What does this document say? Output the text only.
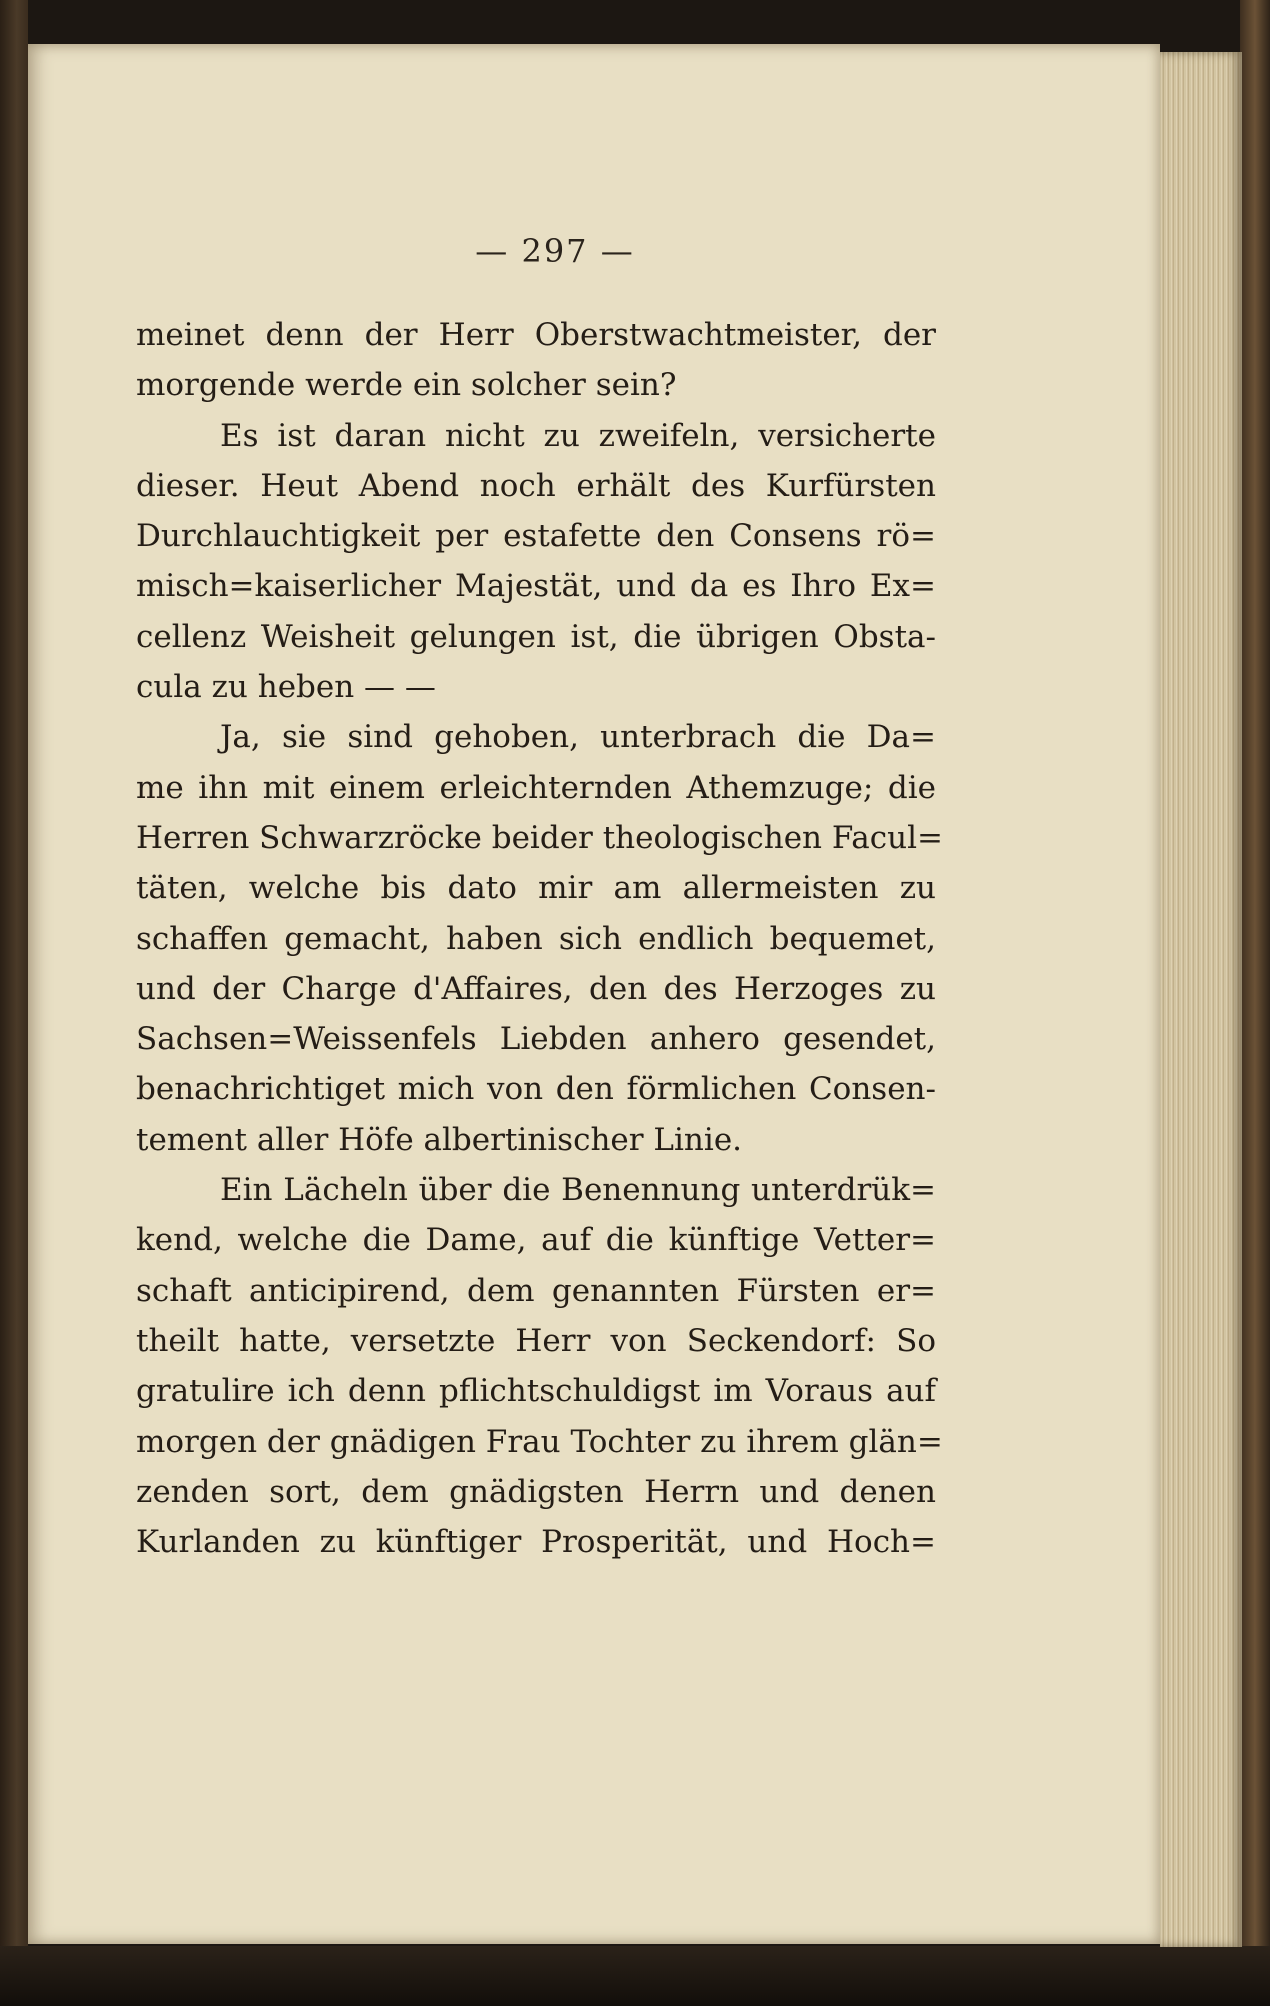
— 297 —
meinet denn der Herr Oberstwachtmeister, der
morgende werde ein solcher sein?
Es ist daran nicht zu zweifeln, versicherte
dieser. Heut Abend noch erhält des Kurfürsten
Durchlauchtigkeit per estafette den Consens rö=
misch=kaiserlicher Majestät, und da es Ihro Ex=
cellenz Weisheit gelungen ist, die übrigen Obsta-
cula zu heben — —
Ja, sie sind gehoben, unterbrach die Da=
me ihn mit einem erleichternden Athemzuge; die
Herren Schwarzröcke beider theologischen Facul=
täten, welche bis dato mir am allermeisten zu
schaffen gemacht, haben sich endlich bequemet,
und der Charge d'Affaires, den des Herzoges zu
Sachsen=Weissenfels Liebden anhero gesendet,
benachrichtiget mich von den förmlichen Consen-
tement aller Höfe albertinischer Linie.
Ein Lächeln über die Benennung unterdrük=
kend, welche die Dame, auf die künftige Vetter=
schaft anticipirend, dem genannten Fürsten er=
theilt hatte, versetzte Herr von Seckendorf: So
gratulire ich denn pflichtschuldigst im Voraus auf
morgen der gnädigen Frau Tochter zu ihrem glän=
zenden sort, dem gnädigsten Herrn und denen
Kurlanden zu künftiger Prosperität, und Hoch=
